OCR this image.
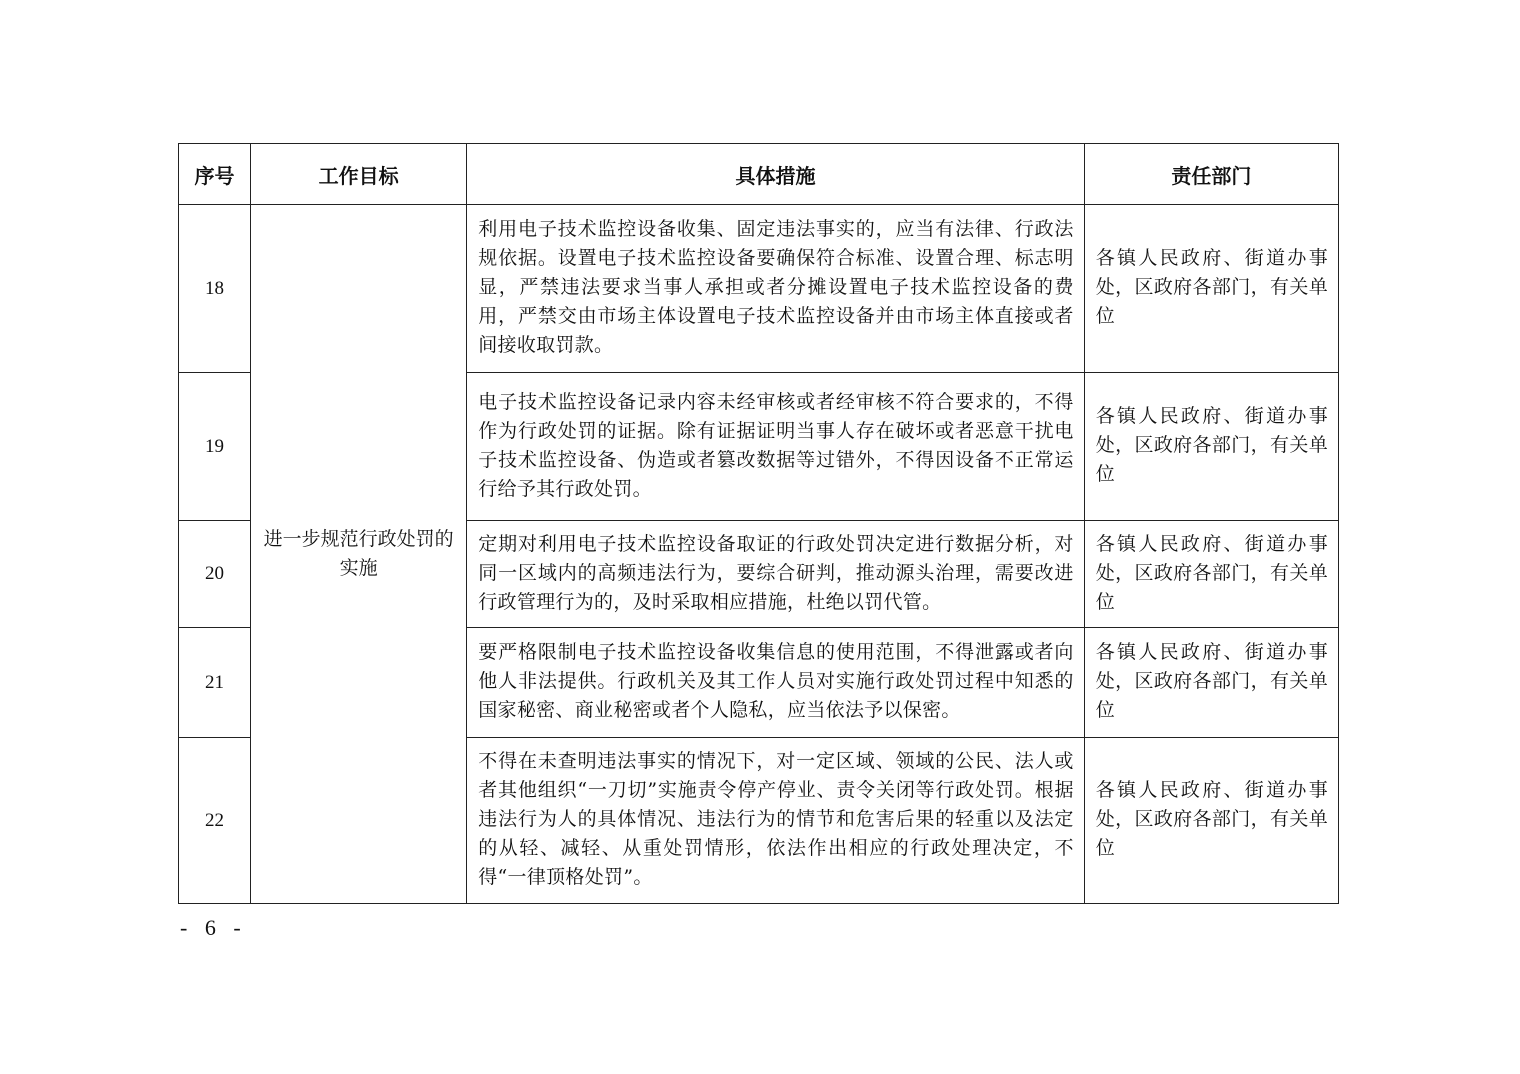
序号	工作目标	具体措施	责任部门
18	进一步规范行政处罚的实施	利用电子技术监控设备收集、固定违法事实的，应当有法律、行政法规依据。设置电子技术监控设备要确保符合标准、设置合理、标志明显，严禁违法要求当事人承担或者分摊设置电子技术监控设备的费用，严禁交由市场主体设置电子技术监控设备并由市场主体直接或者间接收取罚款。	各镇人民政府、街道办事处，区政府各部门，有关单位
19		电子技术监控设备记录内容未经审核或者经审核不符合要求的，不得作为行政处罚的证据。除有证据证明当事人存在破坏或者恶意干扰电子技术监控设备、伪造或者篡改数据等过错外，不得因设备不正常运行给予其行政处罚。	各镇人民政府、街道办事处，区政府各部门，有关单位
20		定期对利用电子技术监控设备取证的行政处罚决定进行数据分析，对同一区域内的高频违法行为，要综合研判，推动源头治理，需要改进行政管理行为的，及时采取相应措施，杜绝以罚代管。	各镇人民政府、街道办事处，区政府各部门，有关单位
21		要严格限制电子技术监控设备收集信息的使用范围，不得泄露或者向他人非法提供。行政机关及其工作人员对实施行政处罚过程中知悉的国家秘密、商业秘密或者个人隐私，应当依法予以保密。	各镇人民政府、街道办事处，区政府各部门，有关单位
22		不得在未查明违法事实的情况下，对一定区域、领域的公民、法人或者其他组织“一刀切”实施责令停产停业、责令关闭等行政处罚。根据违法行为人的具体情况、违法行为的情节和危害后果的轻重以及法定的从轻、减轻、从重处罚情形，依法作出相应的行政处理决定，不得“一律顶格处罚”。	各镇人民政府、街道办事处，区政府各部门，有关单位
- 6 -
